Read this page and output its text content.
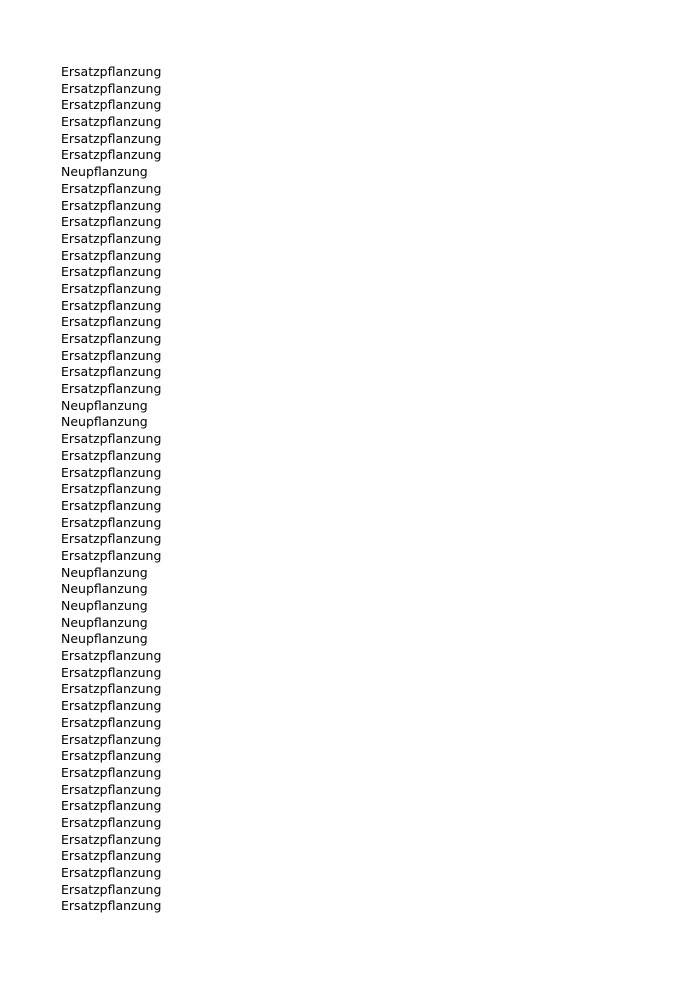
Ersatzpflanzung
Ersatzpflanzung
Ersatzpflanzung
Ersatzpflanzung
Ersatzpflanzung
Ersatzpflanzung
Neupflanzung
Ersatzpflanzung
Ersatzpflanzung
Ersatzpflanzung
Ersatzpflanzung
Ersatzpflanzung
Ersatzpflanzung
Ersatzpflanzung
Ersatzpflanzung
Ersatzpflanzung
Ersatzpflanzung
Ersatzpflanzung
Ersatzpflanzung
Ersatzpflanzung
Neupflanzung
Neupflanzung
Ersatzpflanzung
Ersatzpflanzung
Ersatzpflanzung
Ersatzpflanzung
Ersatzpflanzung
Ersatzpflanzung
Ersatzpflanzung
Ersatzpflanzung
Neupflanzung
Neupflanzung
Neupflanzung
Neupflanzung
Neupflanzung
Ersatzpflanzung
Ersatzpflanzung
Ersatzpflanzung
Ersatzpflanzung
Ersatzpflanzung
Ersatzpflanzung
Ersatzpflanzung
Ersatzpflanzung
Ersatzpflanzung
Ersatzpflanzung
Ersatzpflanzung
Ersatzpflanzung
Ersatzpflanzung
Ersatzpflanzung
Ersatzpflanzung
Ersatzpflanzung
